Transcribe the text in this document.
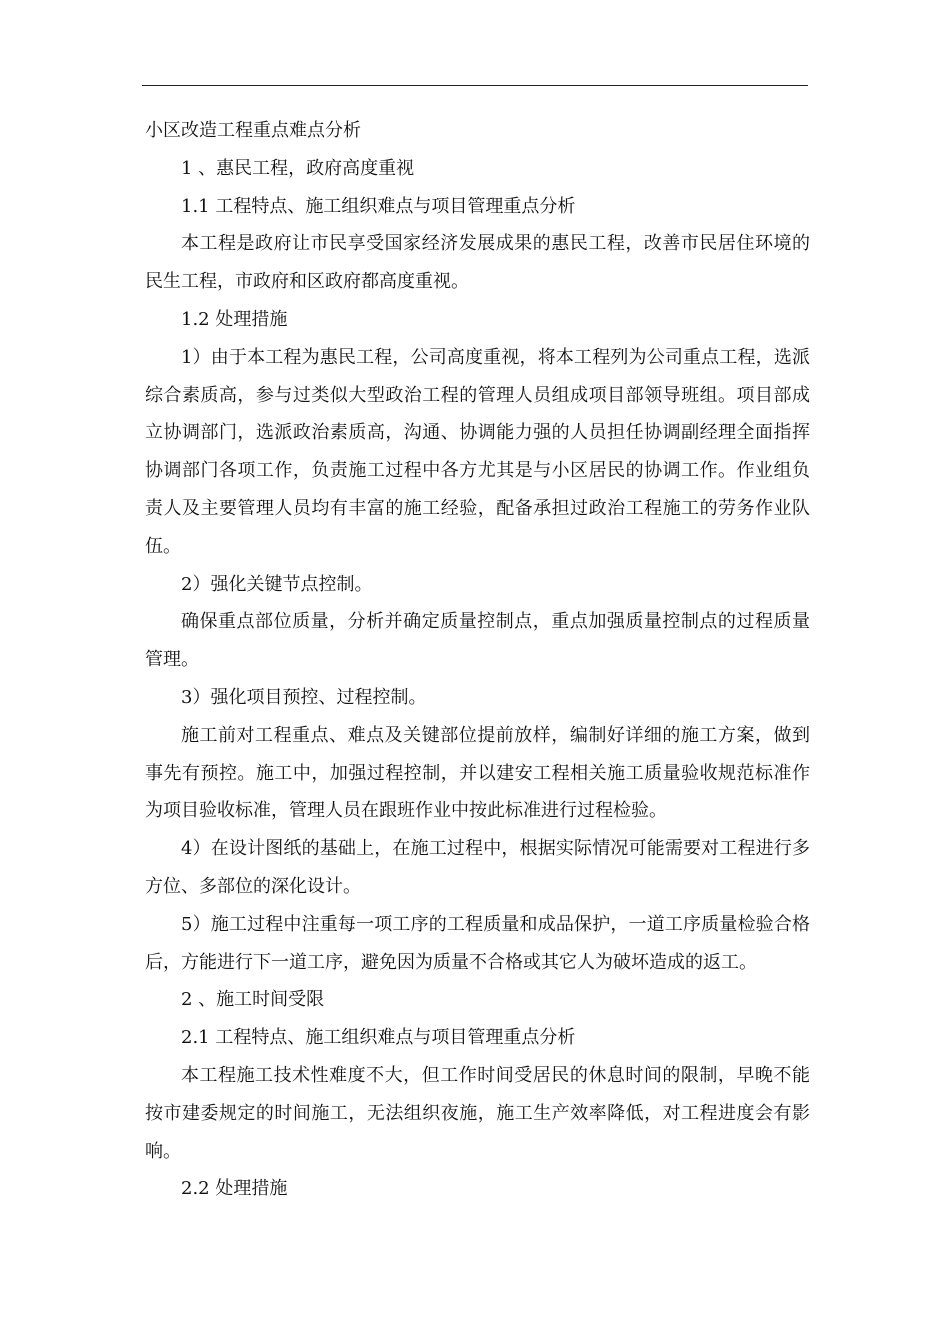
小区改造工程重点难点分析

1 、惠民工程，政府高度重视

1.1 工程特点、施工组织难点与项目管理重点分析

本工程是政府让市民享受国家经济发展成果的惠民工程，改善市民居住环境的民生工程，市政府和区政府都高度重视。

1.2 处理措施

1）由于本工程为惠民工程，公司高度重视，将本工程列为公司重点工程，选派综合素质高，参与过类似大型政治工程的管理人员组成项目部领导班组。项目部成立协调部门，选派政治素质高，沟通、协调能力强的人员担任协调副经理全面指挥协调部门各项工作，负责施工过程中各方尤其是与小区居民的协调工作。作业组负责人及主要管理人员均有丰富的施工经验，配备承担过政治工程施工的劳务作业队伍。

2）强化关键节点控制。

确保重点部位质量，分析并确定质量控制点，重点加强质量控制点的过程质量管理。

3）强化项目预控、过程控制。

施工前对工程重点、难点及关键部位提前放样，编制好详细的施工方案，做到事先有预控。施工中，加强过程控制，并以建安工程相关施工质量验收规范标准作为项目验收标准，管理人员在跟班作业中按此标准进行过程检验。

4）在设计图纸的基础上，在施工过程中，根据实际情况可能需要对工程进行多方位、多部位的深化设计。

5）施工过程中注重每一项工序的工程质量和成品保护，一道工序质量检验合格后，方能进行下一道工序，避免因为质量不合格或其它人为破坏造成的返工。

2 、施工时间受限

2.1 工程特点、施工组织难点与项目管理重点分析

本工程施工技术性难度不大，但工作时间受居民的休息时间的限制，早晚不能按市建委规定的时间施工，无法组织夜施，施工生产效率降低，对工程进度会有影响。

2.2 处理措施
